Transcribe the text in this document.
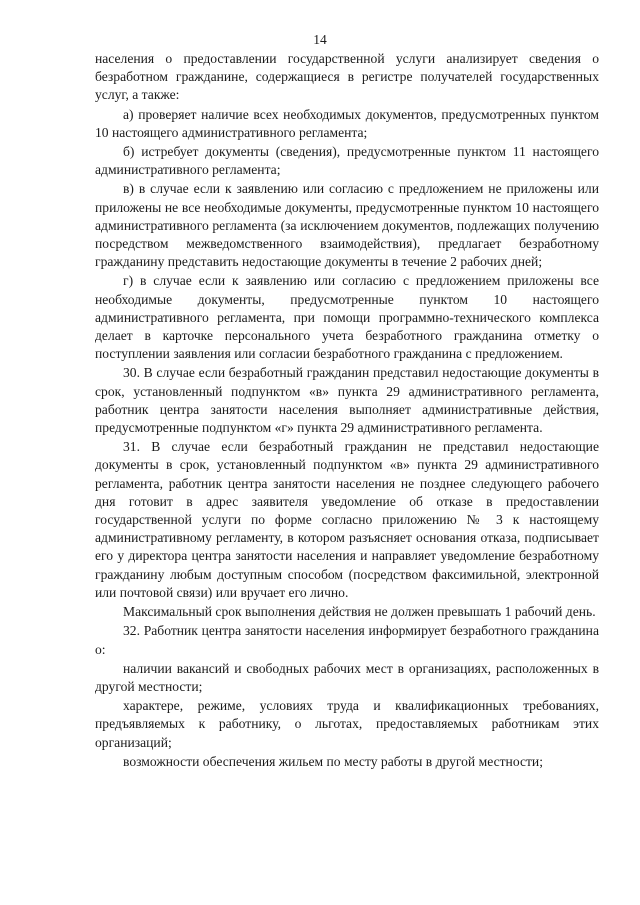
14

населения о предоставлении государственной услуги анализирует сведения о безработном гражданине, содержащиеся в регистре получателей государственных услуг, а также:

а) проверяет наличие всех необходимых документов, предусмотренных пунктом 10 настоящего административного регламента;

б) истребует документы (сведения), предусмотренные пунктом 11 настоящего административного регламента;

в) в случае если к заявлению или согласию с предложением не приложены или приложены не все необходимые документы, предусмотренные пунктом 10 настоящего административного регламента (за исключением документов, подлежащих получению посредством межведомственного взаимодействия), предлагает безработному гражданину представить недостающие документы в течение 2 рабочих дней;

г) в случае если к заявлению или согласию с предложением приложены все необходимые документы, предусмотренные пунктом 10 настоящего административного регламента, при помощи программно-технического комплекса делает в карточке персонального учета безработного гражданина отметку о поступлении заявления или согласии безработного гражданина с предложением.

30. В случае если безработный гражданин представил недостающие документы в срок, установленный подпунктом «в» пункта 29 административного регламента, работник центра занятости населения выполняет административные действия, предусмотренные подпунктом «г» пункта 29 административного регламента.

31. В случае если безработный гражданин не представил недостающие документы в срок, установленный подпунктом «в» пункта 29 административного регламента, работник центра занятости населения не позднее следующего рабочего дня готовит в адрес заявителя уведомление об отказе в предоставлении государственной услуги по форме согласно приложению № 3 к настоящему административному регламенту, в котором разъясняет основания отказа, подписывает его у директора центра занятости населения и направляет уведомление безработному гражданину любым доступным способом (посредством факсимильной, электронной или почтовой связи) или вручает его лично.

Максимальный срок выполнения действия не должен превышать 1 рабочий день.

32. Работник центра занятости населения информирует безработного гражданина о:

наличии вакансий и свободных рабочих мест в организациях, расположенных в другой местности;

характере, режиме, условиях труда и квалификационных требованиях, предъявляемых к работнику, о льготах, предоставляемых работникам этих организаций;

возможности обеспечения жильем по месту работы в другой местности;
